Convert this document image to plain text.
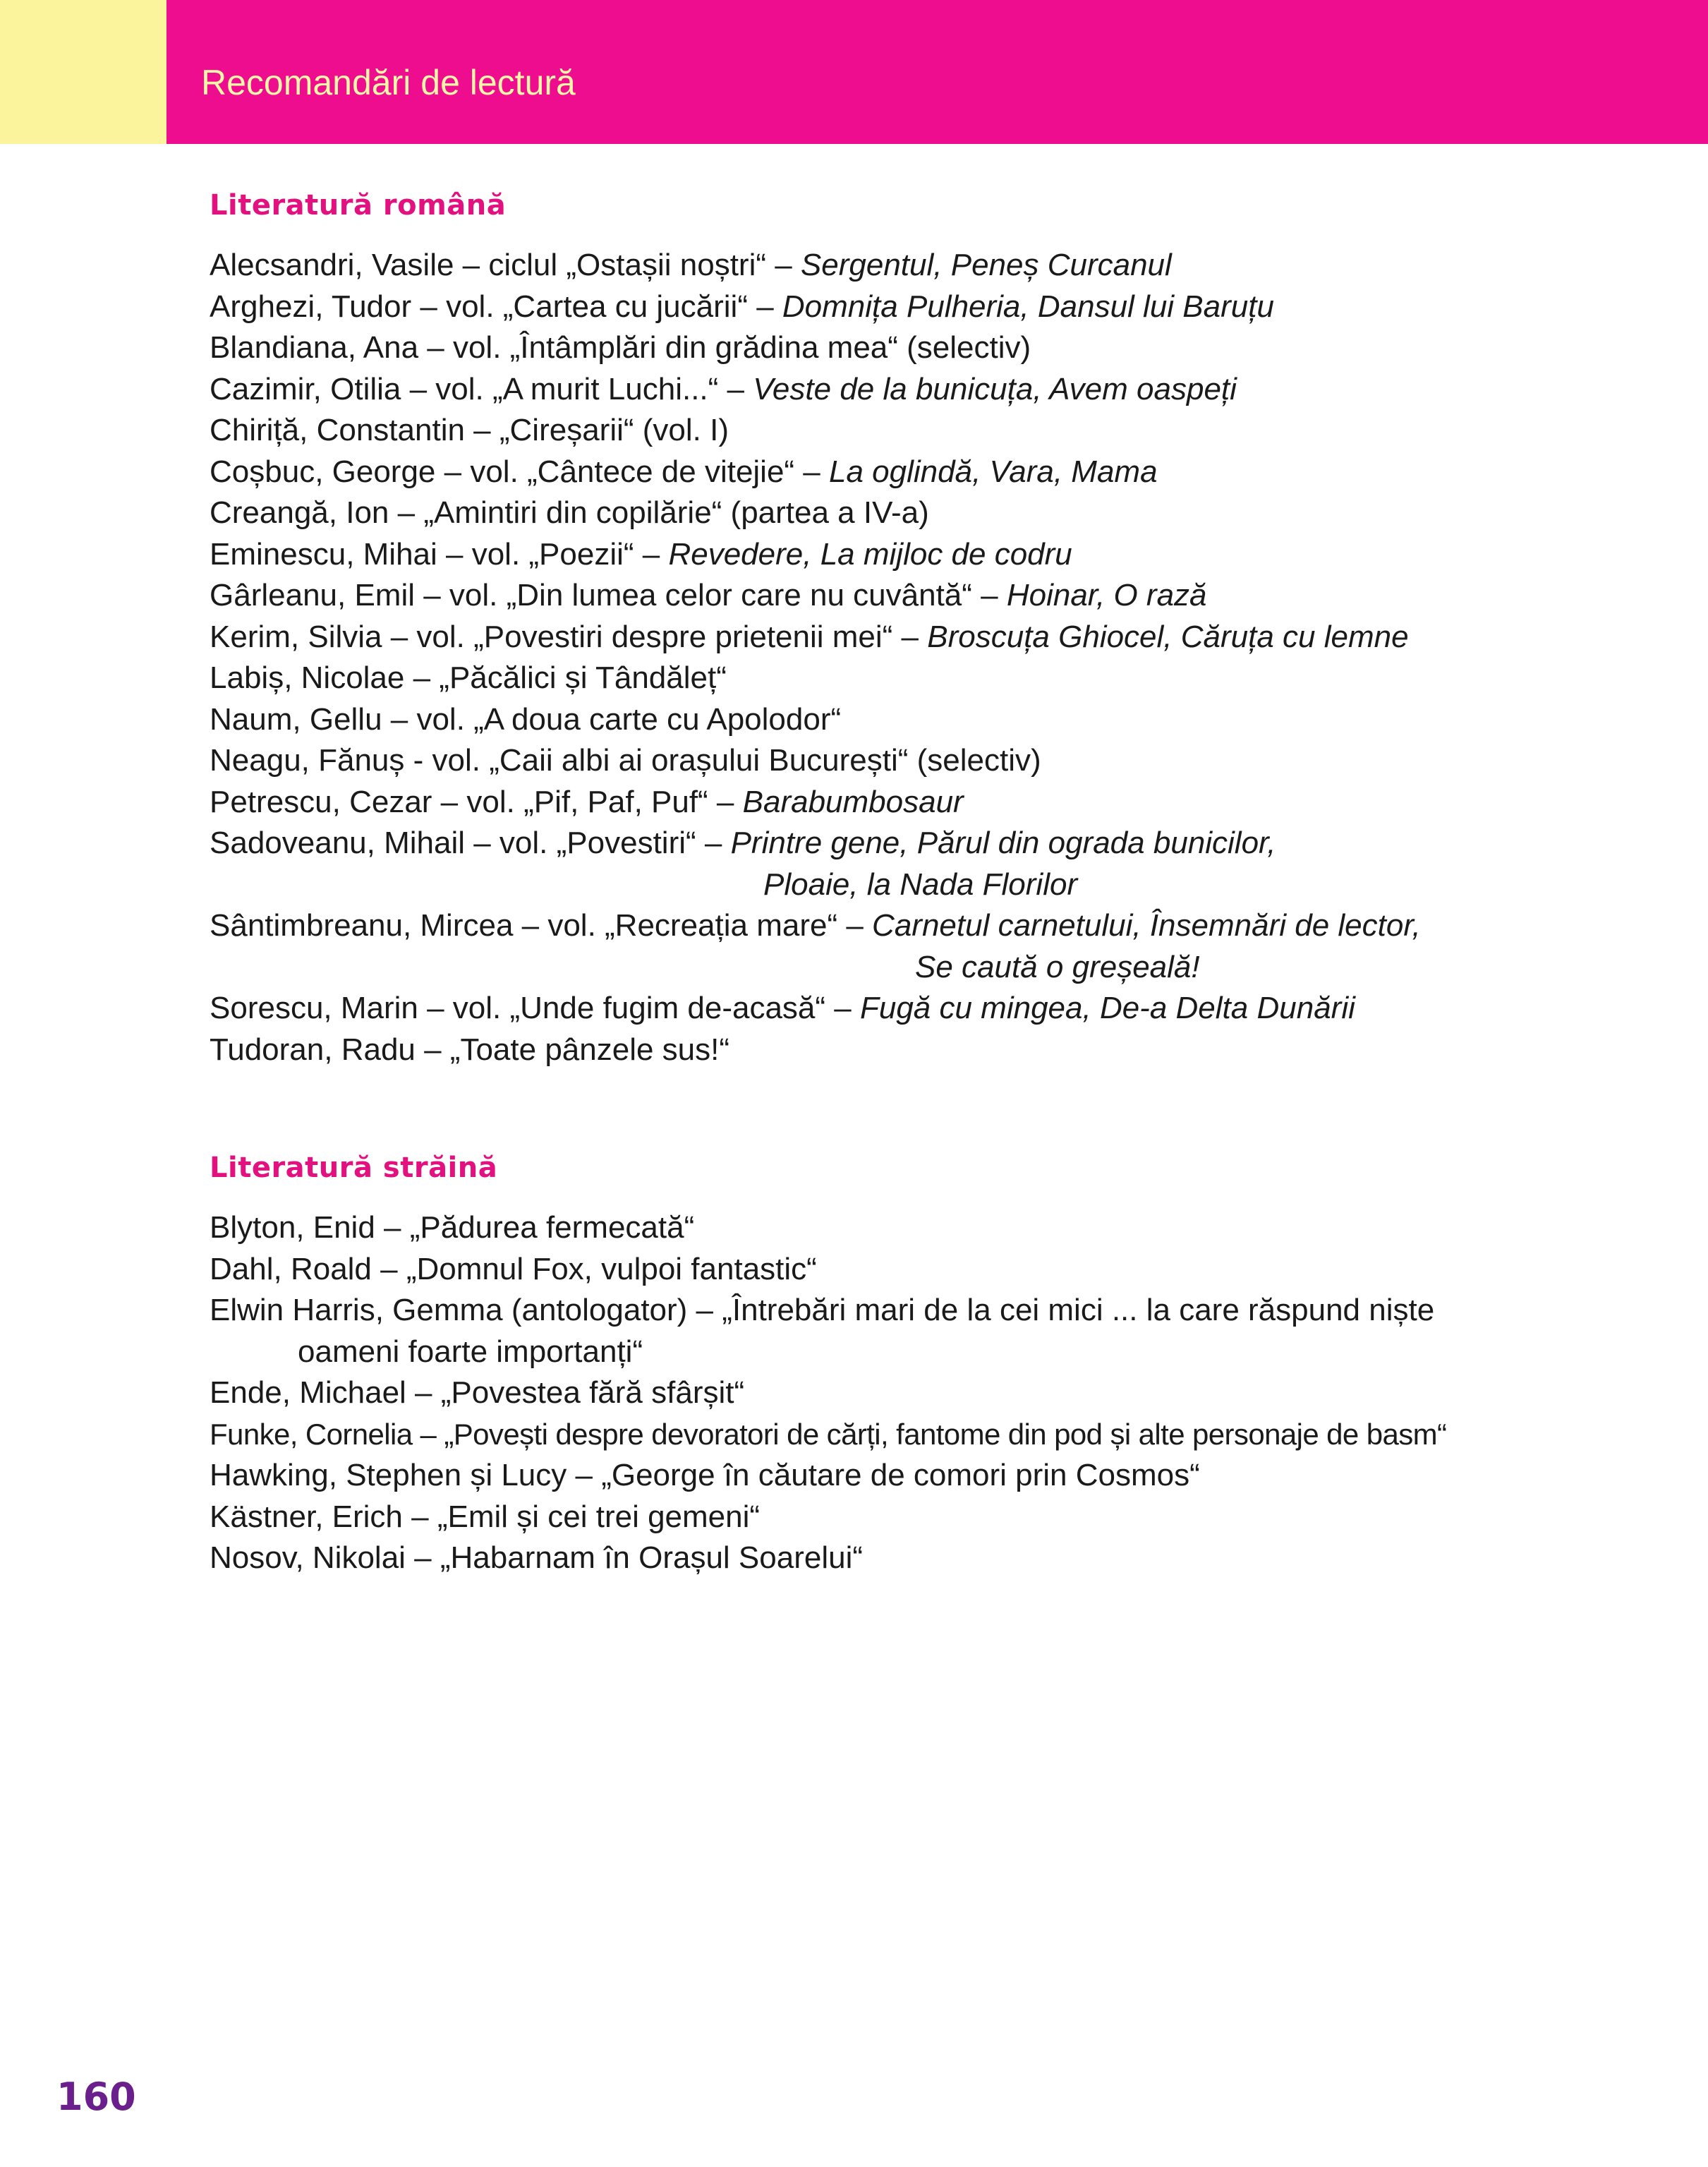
Recomandări de lectură
Literatură română
Alecsandri, Vasile – ciclul „Ostașii noștri“ – Sergentul, Peneș Curcanul
Arghezi, Tudor – vol. „Cartea cu jucării“ – Domnița Pulheria, Dansul lui Baruțu
Blandiana, Ana – vol. „Întâmplări din grădina mea“ (selectiv)
Cazimir, Otilia – vol. „A murit Luchi...“ – Veste de la bunicuța, Avem oaspeți
Chiriță, Constantin – „Cireșarii“ (vol. I)
Coșbuc, George – vol. „Cântece de vitejie“ – La oglindă, Vara, Mama
Creangă, Ion – „Amintiri din copilărie“ (partea a IV-a)
Eminescu, Mihai – vol. „Poezii“ – Revedere, La mijloc de codru
Gârleanu, Emil – vol. „Din lumea celor care nu cuvântă“ – Hoinar, O rază
Kerim, Silvia – vol. „Povestiri despre prietenii mei“ – Broscuța Ghiocel, Căruța cu lemne
Labiș, Nicolae – „Păcălici și Tândăleț“
Naum, Gellu – vol. „A doua carte cu Apolodor“
Neagu, Fănuș - vol. „Caii albi ai orașului București“ (selectiv)
Petrescu, Cezar – vol. „Pif, Paf, Puf“ – Barabumbosaur
Sadoveanu, Mihail – vol. „Povestiri“ – Printre gene, Părul din ograda bunicilor,
Ploaie, la Nada Florilor
Sântimbreanu, Mircea – vol. „Recreația mare“ – Carnetul carnetului, Însemnări de lector,
Se caută o greșeală!
Sorescu, Marin – vol. „Unde fugim de-acasă“ – Fugă cu mingea, De-a Delta Dunării
Tudoran, Radu – „Toate pânzele sus!“
Literatură străină
Blyton, Enid – „Pădurea fermecată“
Dahl, Roald – „Domnul Fox, vulpoi fantastic“
Elwin Harris, Gemma (antologator) – „Întrebări mari de la cei mici ... la care răspund niște
oameni foarte importanți“
Ende, Michael – „Povestea fără sfârșit“
Funke, Cornelia – „Povești despre devoratori de cărți, fantome din pod și alte personaje de basm“
Hawking, Stephen și Lucy – „George în căutare de comori prin Cosmos“
Kästner, Erich – „Emil și cei trei gemeni“
Nosov, Nikolai – „Habarnam în Orașul Soarelui“
160
